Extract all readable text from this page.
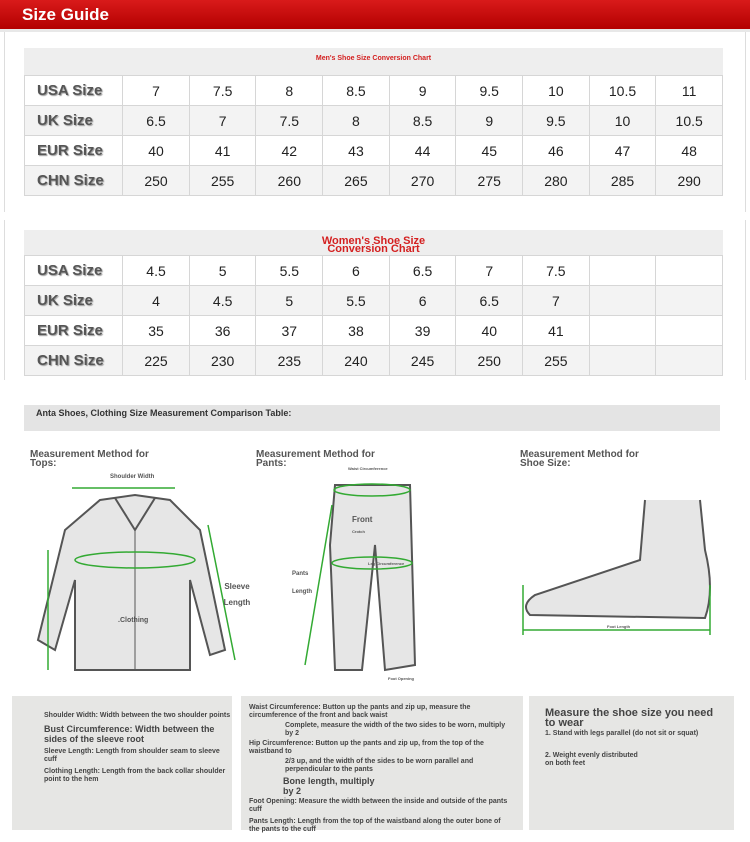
Size Guide
Men's Shoe Size Conversion Chart
USA Size	7	7.5	8	8.5	9	9.5	10	10.5	11
UK Size	6.5	7	7.5	8	8.5	9	9.5	10	10.5
EUR Size	40	41	42	43	44	45	46	47	48
CHN Size	250	255	260	265	270	275	280	285	290
Women's Shoe Size Conversion Chart
USA Size	4.5	5	5.5	6	6.5	7	7.5		
UK Size	4	4.5	5	5.5	6	6.5	7		
EUR Size	35	36	37	38	39	40	41		
CHN Size	225	230	235	240	245	250	255		
Anta Shoes, Clothing Size Measurement Comparison Table:
Measurement Method for Tops:
Measurement Method for Pants:
Measurement Method for Shoe Size:
Shoulder Width
.Clothing
Sleeve Length
Waist Circumference
Front
Crotch
Leg Circumference
Pants
Length
Foot Opening
Foot Length

Shoulder Width: Width between the two shoulder points

Bust Circumference: Width between the sides of the sleeve root

Sleeve Length: Length from shoulder seam to sleeve cuff

Clothing Length: Length from the back collar shoulder point to the hem

Waist Circumference: Button up the pants and zip up, measure the circumference of the front and back waist

Complete, measure the width of the two sides to be worn, multiply by 2

Hip Circumference: Button up the pants and zip up, from the top of the waistband to

2/3 up, and the width of the sides to be worn parallel and perpendicular to the pants

Bone length, multiply by 2

Foot Opening: Measure the width between the inside and outside of the pants cuff

Pants Length: Length from the top of the waistband along the outer bone of the pants to the cuff

Measure the shoe size you need to wear

1. Stand with legs parallel (do not sit or squat)

2. Weight evenly distributed on both feet
